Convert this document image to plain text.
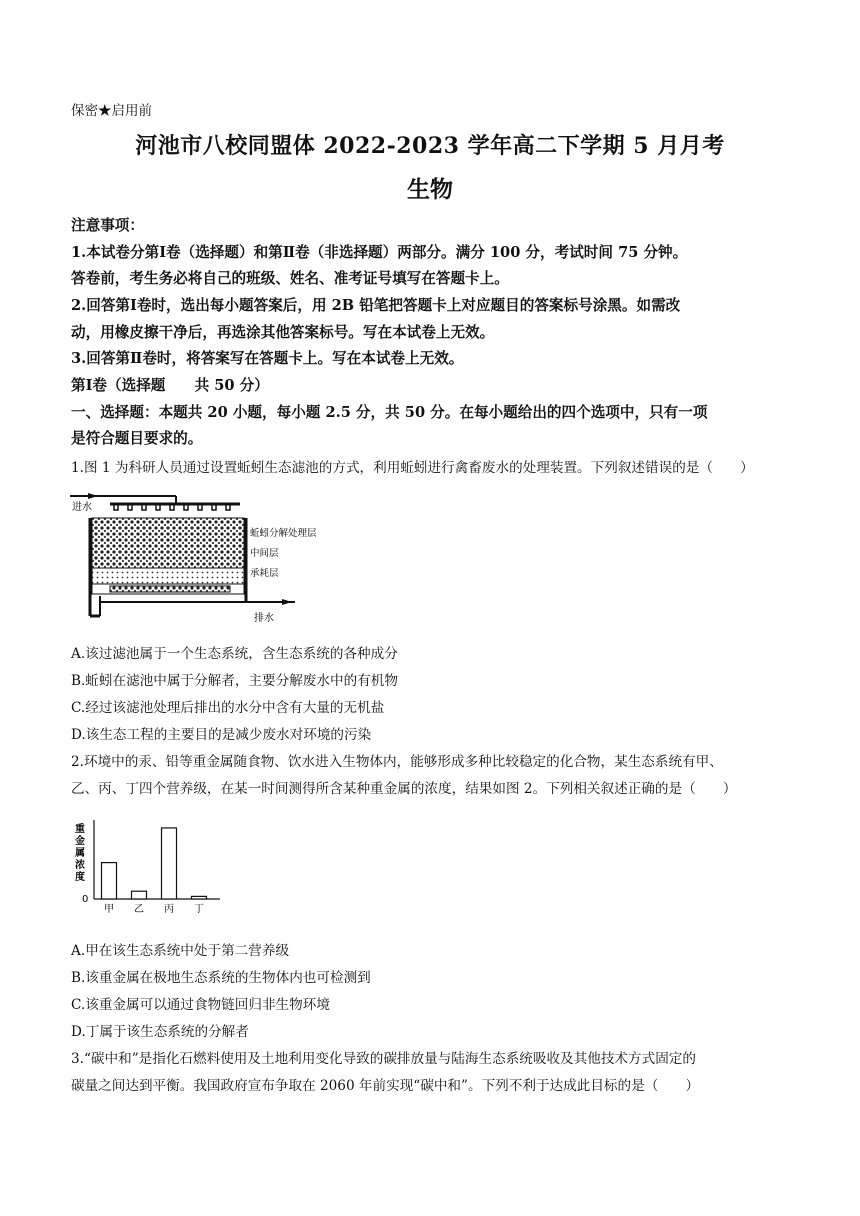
保密★启用前
河池市八校同盟体 2022-2023 学年高二下学期 5 月月考
生物
注意事项：
1.本试卷分第Ⅰ卷（选择题）和第Ⅱ卷（非选择题）两部分。满分 100 分，考试时间 75 分钟。
答卷前，考生务必将自己的班级、姓名、准考证号填写在答题卡上。
2.回答第Ⅰ卷时，选出每小题答案后，用 2B 铅笔把答题卡上对应题目的答案标号涂黑。如需改
动，用橡皮擦干净后，再选涂其他答案标号。写在本试卷上无效。
3.回答第Ⅱ卷时，将答案写在答题卡上。写在本试卷上无效。
第Ⅰ卷（选择题　　共 50 分）
一、选择题：本题共 20 小题，每小题 2.5 分，共 50 分。在每小题给出的四个选项中，只有一项
是符合题目要求的。
1.图 1 为科研人员通过设置蚯蚓生态滤池的方式，利用蚯蚓进行禽畜废水的处理装置。下列叙述错误的是（　　）
进水
排水
蚯蚓分解处理层
中间层
承耗层
A.该过滤池属于一个生态系统，含生态系统的各种成分
B.蚯蚓在滤池中属于分解者，主要分解废水中的有机物
C.经过该滤池处理后排出的水分中含有大量的无机盐
D.该生态工程的主要目的是减少废水对环境的污染
2.环境中的汞、铅等重金属随食物、饮水进入生物体内，能够形成多种比较稳定的化合物，某生态系统有甲、
乙、丙、丁四个营养级，在某一时间测得所含某种重金属的浓度，结果如图 2。下列相关叙述正确的是（　　）
重金属浓度
0
甲 乙 丙 丁
A.甲在该生态系统中处于第二营养级
B.该重金属在极地生态系统的生物体内也可检测到
C.该重金属可以通过食物链回归非生物环境
D.丁属于该生态系统的分解者
3.“碳中和”是指化石燃料使用及土地利用变化导致的碳排放量与陆海生态系统吸收及其他技术方式固定的
碳量之间达到平衡。我国政府宣布争取在 2060 年前实现“碳中和”。下列不利于达成此目标的是（　　）
